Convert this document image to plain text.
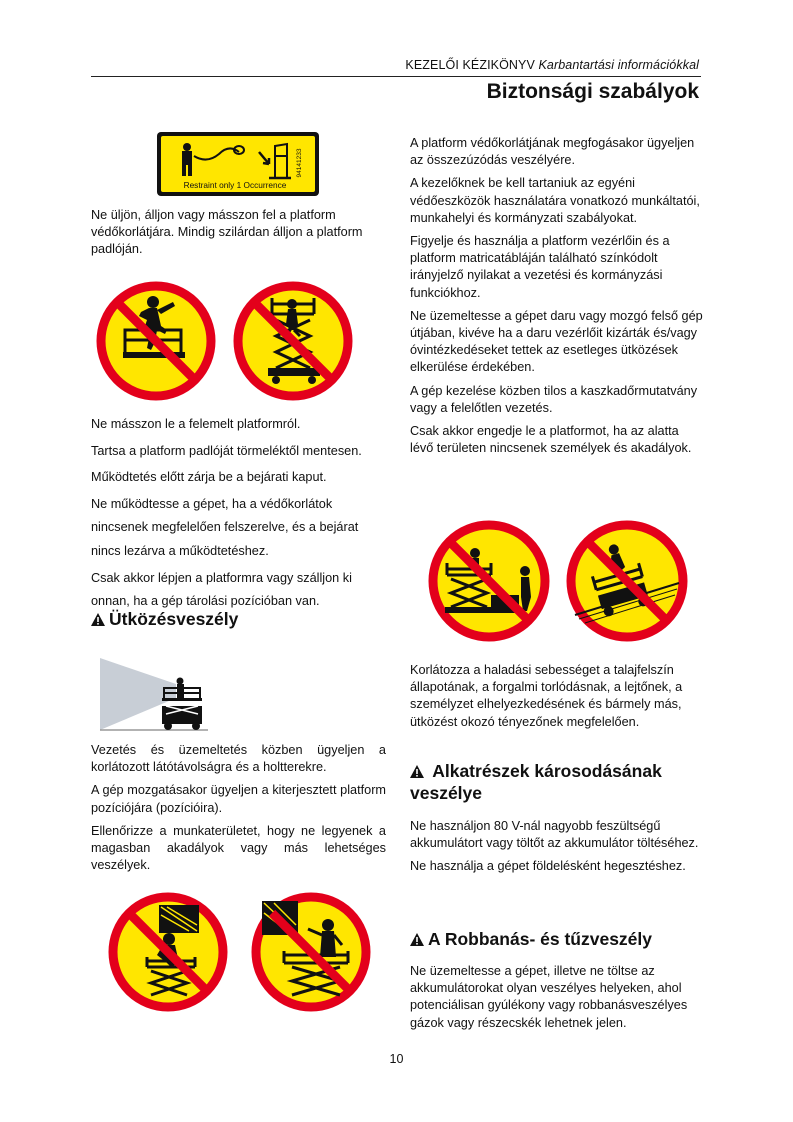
KEZELŐI KÉZIKÖNYV Karbantartási információkkal
Biztonsági szabályok
94141233
Restraint only 1 Occurrence

Ne üljön, álljon vagy másszon fel a platform védőkorlátjára. Mindig szilárdan álljon a platform padlóján.

Ne másszon le a felemelt platformról.

Tartsa a platform padlóját törmeléktől mentesen.

Működtetés előtt zárja be a bejárati kaput.

Ne működtesse a gépet, ha a védőkorlátok nincsenek megfelelően felszerelve, és a bejárat nincs lezárva a működtetéshez.

Csak akkor lépjen a platformra vagy szálljon ki onnan, ha a gép tárolási pozícióban van.

Ütközésveszély

Vezetés és üzemeltetés közben ügyeljen a korlátozott látótávolságra és a holtterekre.

A gép mozgatásakor ügyeljen a kiterjesztett platform pozíciójára (pozícióira).

Ellenőrizze a munkaterületet, hogy ne legyenek a magasban akadályok vagy más lehetséges veszélyek.

A platform védőkorlátjának megfogásakor ügyeljen az összezúzódás veszélyére.

A kezelőknek be kell tartaniuk az egyéni védőeszközök használatára vonatkozó munkáltatói, munkahelyi és kormányzati szabályokat.

Figyelje és használja a platform vezérlőin és a platform matricatábláján található színkódolt irányjelző nyilakat a vezetési és kormányzási funkciókhoz.

Ne üzemeltesse a gépet daru vagy mozgó felső gép útjában, kivéve ha a daru vezérlőit kizárták és/vagy óvintézkedéseket tettek az esetleges ütközések elkerülése érdekében.

A gép kezelése közben tilos a kaszkadőrmutatvány vagy a felelőtlen vezetés.

Csak akkor engedje le a platformot, ha az alatta lévő területen nincsenek személyek és akadályok.

Korlátozza a haladási sebességet a talajfelszín állapotának, a forgalmi torlódásnak, a lejtőnek, a személyzet elhelyezkedésének és bármely más, ütközést okozó tényezőnek megfelelően.

Alkatrészek károsodásának veszélye

Ne használjon 80 V-nál nagyobb feszültségű akkumulátort vagy töltőt az akkumulátor töltéséhez.

Ne használja a gépet földelésként hegesztéshez.

A Robbanás- és tűzveszély

Ne üzemeltesse a gépet, illetve ne töltse az akkumulátorokat olyan veszélyes helyeken, ahol potenciálisan gyúlékony vagy robbanásveszélyes gázok vagy részecskék lehetnek jelen.

10
